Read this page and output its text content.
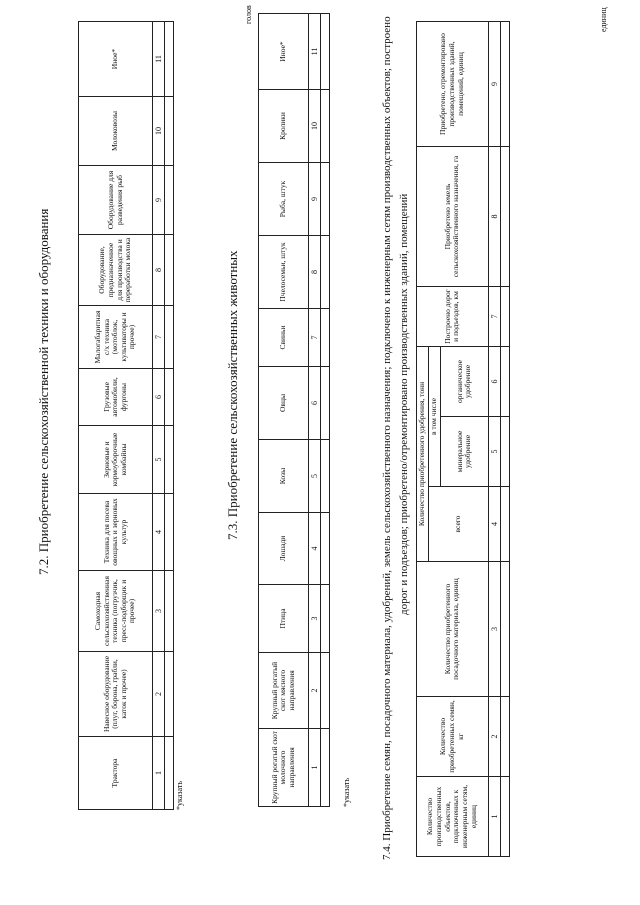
7.2. Приобретение сельскохозяйственной техники и оборудования
единиц
Трактора	Навесное оборудование (плуг, борона, грабли, каток и прочее)	Самоходная сельскохозяйственная техника (погрузчик, пресс-подборщик и прочее)	Техника для посева овощных и зерновых культур	Зерновые и кормоуборочные комбайны	Грузовые автомобили, фургоны	Малогабаритная с/х техника (мотоблок, культиваторы и прочее)	Оборудование, предназначенное для производства и переработки молока	Оборудование для разведения рыб	Молоковозы	Иное*
1	2	3	4	5	6	7	8	9	10	11

*указать
7.3. Приобретение сельскохозяйственных животных
голов
Крупный рогатый скот молочного направления	Крупный рогатый скот мясного направления	Птица	Лошади	Козы	Овцы	Свиньи	Пчелосемьи, штук	Рыба, штук	Кролики	Иное*
1	2	3	4	5	6	7	8	9	10	11

*указать	7.4. Приобретение семян, посадочного материала, удобрений, земель сельскохозяйственного назначения; подключено к инженерным сетям производственных объектов; построено дорог и подъездов; приобретено/отремонтировано производственных зданий, помещений
Количество производственных объектов, подключенных к инженерным сетям, единиц	Количество приобретенных семян, кг	Количество приобретенного посадочного материала, единиц	Количество приобретенного удобрения, тонн			Построено дорог и подъездов, км	Приобретено земель сельскохозяйственного назначения, га	Приобретено, отремонтировано производственных зданий, помещений, единиц
			всего	в том числе				
				минеральное удобрение	органическое удобрение			
1	2	3	4	5	6	7	8	9
